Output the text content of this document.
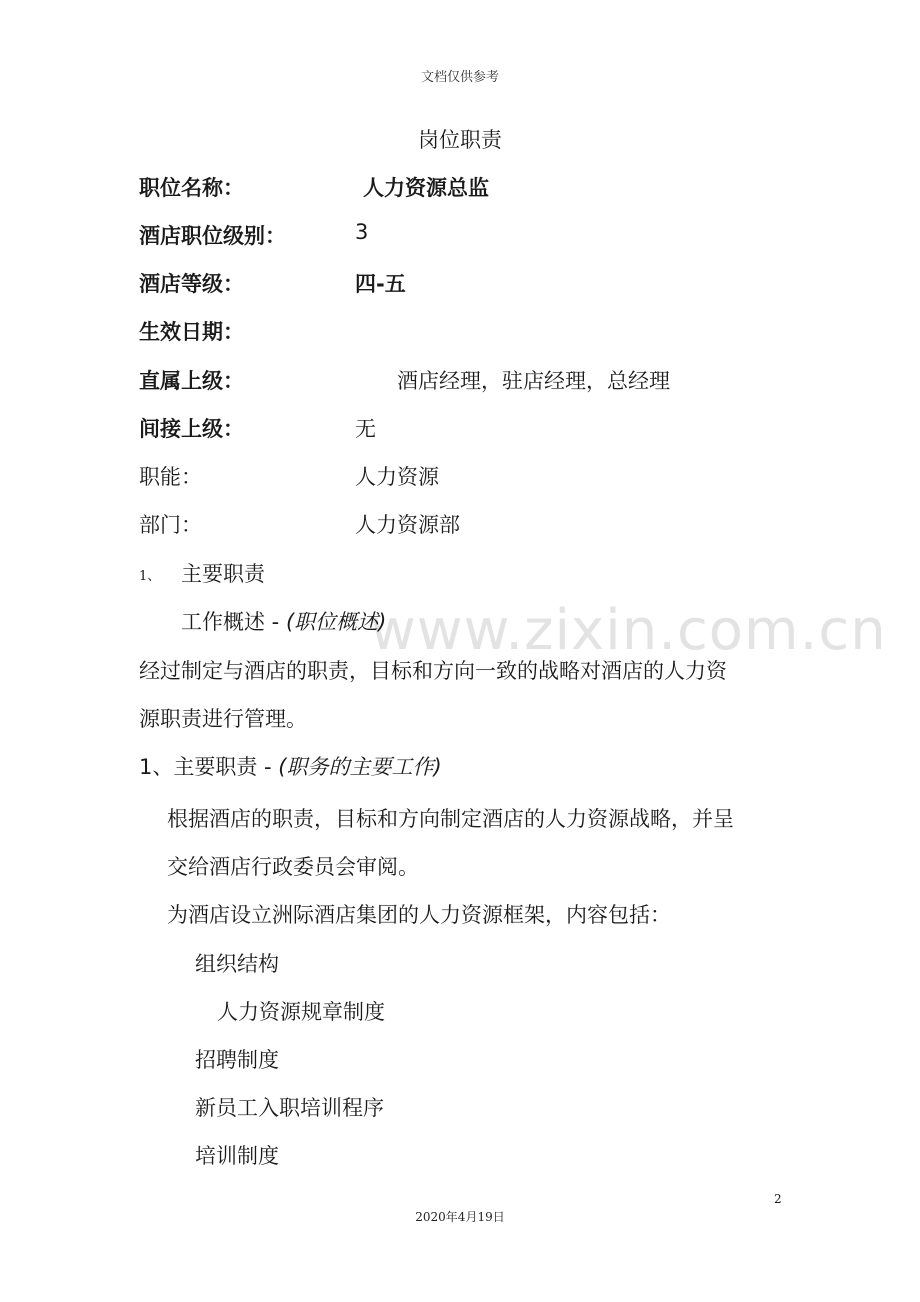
文档仅供参考
岗位职责
职位名称：	人力资源总监
酒店职位级别：	3
酒店等级：	四-五
生效日期：
直属上级：	酒店经理，驻店经理，总经理
间接上级：	无
职能：	人力资源
部门：	人力资源部
1、 主要职责
www.zixin.com.cn
工作概述 - (职位概述)
经过制定与酒店的职责，目标和方向一致的战略对酒店的人力资
源职责进行管理。
1、主要职责 - (职务的主要工作)
根据酒店的职责，目标和方向制定酒店的人力资源战略，并呈
交给酒店行政委员会审阅。
为酒店设立洲际酒店集团的人力资源框架，内容包括：
组织结构
人力资源规章制度
招聘制度
新员工入职培训程序
培训制度
2
2020年4月19日
